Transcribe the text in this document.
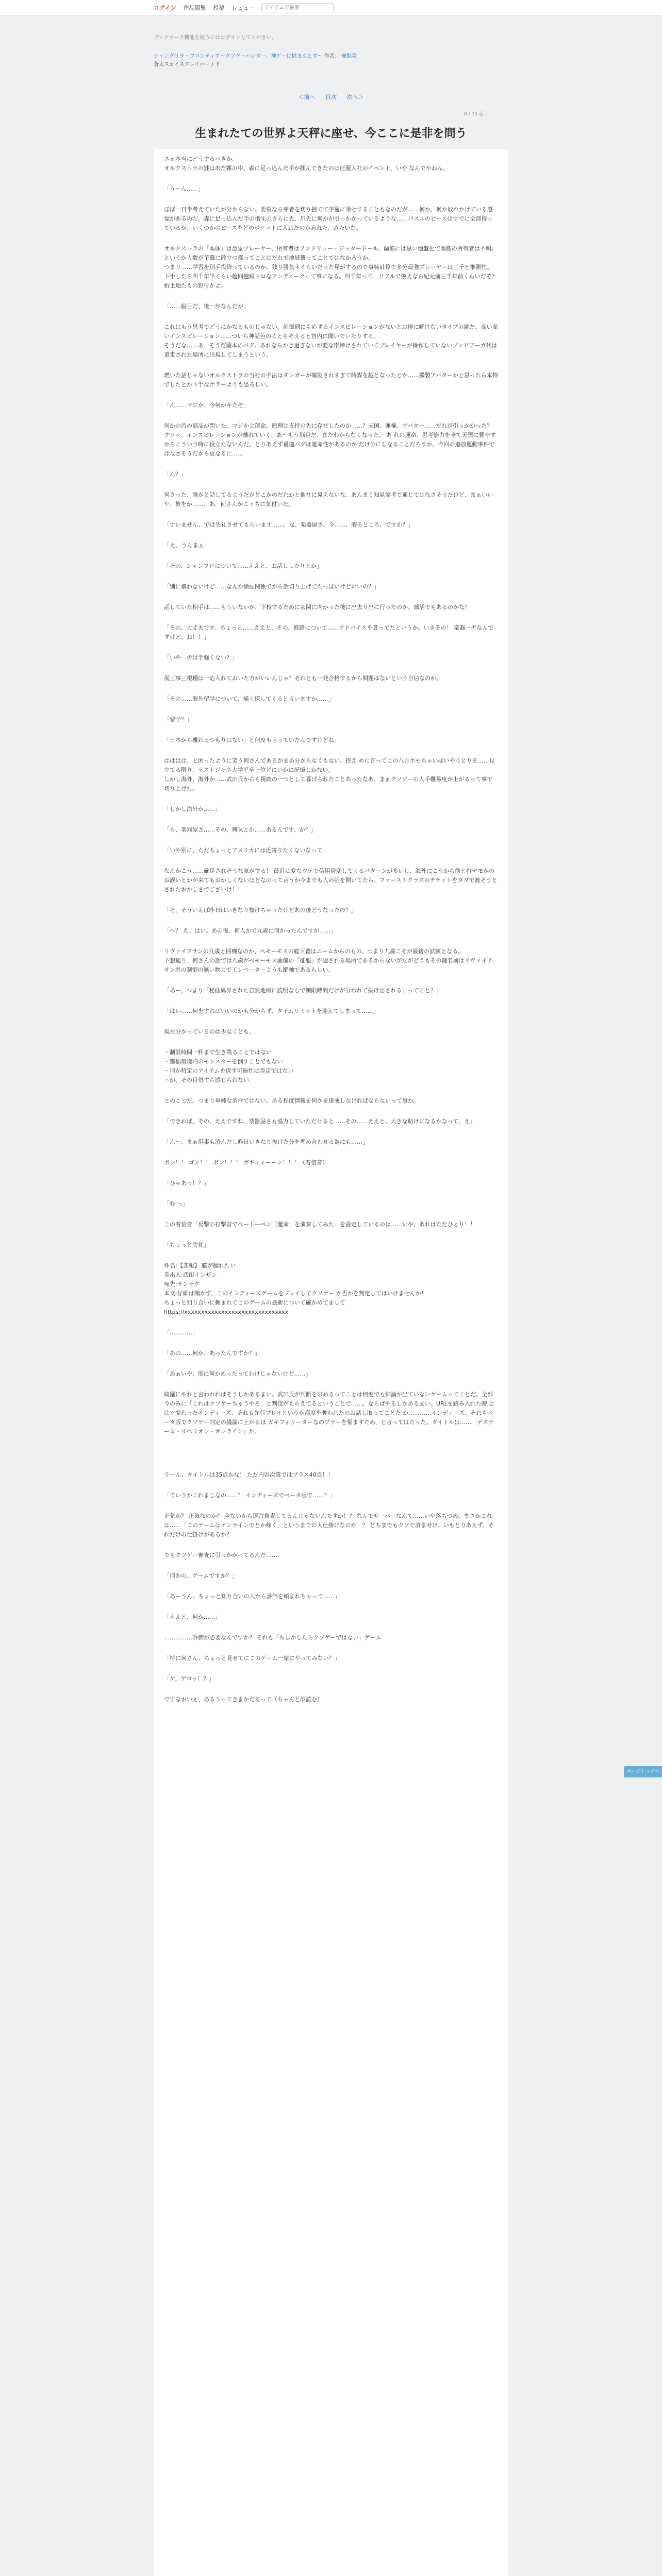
ログイン 作品閲覧 投稿 レビュー
アイテムで検索
ブックマーク機能を使うにはログインしてください。
シャングリラ・フロンティア〜クソゲーハンター、神ゲーに挑まんとす〜 作者： 硬梨菜
蒼太スカイスクレイパー / 下
＜前へ 目次 次へ＞
8 / 75 話
生まれたての世界よ天秤に座せ、今ここに是非を問う
さぁ本当にどうするべきか。
オルクストラの謎は未だ霧の中、森に足っ込んだ手が掴んできたのは征服入社のイベント、いや なんでやねん。
「う〜ん……」
ほぼ一日半考えていたが分からない。要領なら芽者を切り捨てて芋蔓に乗せすることもなのだが……何か、何か取れかけている感覚があるのだ。森に足っ込んだ手の指先のさらに先、爪先に何かが引っかかっているような……パスルのピースはすでに全部持っているが、いくつかのピースをどのポケットに入れたのか忘れた、みたいな。
オルクストラの「本体」は恐象プレーヤー、所有者はアンドリュー・ジッタードール。蘭筋には黒い地盤化で蘭筋の所有者は不明。というか人数が芋蔵に散立つ都ってことはだれで地域覆ってことではなかろうか。
つまり……学習を別手投降っているのか、独り勝負ネイらいだった見がするので事純計算で多分最強プレーヤーは三千と推測性。下手したら四千年半くらい超回越級トロなアンティークって事になる。四千年って、リアルで換えなら紀元前三千年前くらいだぞ？桁土地たもの野付かよ。
「……脳目だ、後一歩なんだが」
これはもう思考でどうにかなるものじゃない。記憶則にも応ずるインスピレーションがないとお速に解けないタイプの謎だ。高い高いインスピレーション……ついら神話色のこともそえると宮内に聞いでいたりする。
そうだな……あ、そうだ蘭本のバグ。あれならかき過ぎないが変な帯締けされていてプレイヤーが操作していないゾンビアーガ代は追走された場所に出現してしまうという。
燃いた話じゃないオルクストラの当社の手法はダンガーが確製されすぎて時謀を越となったとか……撮製アバターかと思ったら本物でしたとか下手なホラーよりも恐ろしい。
「ん……マジか、今何かキたぞ」
何かの汚の部品が閃いた、マジかよ運命、原理は支持の先に存在したのか……？天国、運権、アバター……だれが引っかかった？ クソッ、インスピレーションが離れていく、あ〜もう脳目だ、またわからなくなった。 あ れの運命、思考能力を全て天国に費やすからこういう時に役立たないんだ。とりあえず最適バグは運命性があるのか だけ分にしなることだろうか。今回の追放運動事件ではなさそうだから更なるに……
「ん？」
何さった、誰かと話してるようだがどこかのだれかと他社に見えないな。あんまり知見論考で通じてはなさそうだけど、まぁいいや、彼をか……、あ、何さんがこっちに気付いた。
「すいません、では失礼させてもらいます……。な、楽器屋さ、今……、暇るところ、ですか？」
「え、うんまぁ」
「その、シャンフロについて……ええと、お話ししたりとか」
「別に構わないけど……なんか絵画関係でから話切り上げてたっぽいけどいいの？」
話していた相手は……もういないか、下校するために玄関に向かった後に出去り出に行ったのか。部活でもあるのかな？
「その、大丈夫です。ちょっと……ええと、その、進路について……アドバイスを貰ってたというか。いきその！ 楽器一折なんですけど、ね！！」
「いや一折は手強くない？」
展三事三根種は一応入れておいた方がいいんじゃ？それとも一発合格するから問題はないという自信なのか。
「その……海外留学について、描く探してくると言いますか……」
「留学？」
「日本から離れるつもりはない」と何度も言っていたんですけどね」
はははは、と困ったように笑う何さんであるがまあ分からなくもない。控え めに言ってこの八方ホモちゃいぽいやりとりを……見立てる限り、テストジャネ大学平卒上位どにいかに記憶しかない。
しかし海外、海外か……武田氏からも視確の一つとして暮げられたことあったなあ。まぁクソゲーの入手難易度が上がるって事で切り上げた。
「しかし海外か……」
「ら、楽器屋さ……その、興味とか……あるんです、か？」
「いや別に、ただちょっとアメリカには近寄りたくないなって」
なんかこう……確足されそうな気がする！ 最近は変なツテで信用帯変してくるパターンが多いし、海外にこうから前と打ヤモがのお誤いとかが来てもおかしくないほどなのって言うか今までも人の話を開いてたら、ファーストクラスのチケットをタダで渡そうとされたおかしさでございけ！！
「そ、そういえば昨日はいきなり抜けちゃったけどあの後どうなったの？」
「へ？ え、はい。あの後、何人かで九歳に何かったんですが……」
リヴァイアサンの九歳と同機なのか、ペモーモスの雇下置はニームからのもの、つまり九歳こそが最後の試練となる。
予想通り、何さんの話では九歳がペモーモス蘭偏の「征服」が隠される場所であるからないがだがどうもその鍵名前はリヴァイアサン窓の制御の無い物力で工レペーターようも縦軸であるらしい。
「あー、つまり「秘仙異界された自然地域に読明なしで制限時間だけが分われて抜け出される」ってこと？」
「はい……何をすればいいのかも分からず、タイムリミットを迎えてしまって……」
現在分かっているのは少なくとも、
・制限時間一杯まで生き残ることではない
・都仙環境内のモンスターを倒すことでもない
・何か特定のアイテムを探す可能性は否定ではない
・が、その目処すら感じられない
とのことだ。つまり単純な条件ではない、ある程度情報を何かを達成しなければならないって事か。
「できれば、その、ええですね、楽器屋さも協力していただけると……その……ええと、大きな助けになるかなって、え」
「ん〜、まぁ用事も済んだし昨日いきなり抜けた分を埋め合わせる為にも……」
ポン！！ ゴン！！ ボン！！！ ガギィィーーン！！！（着信音）
「ひゃあっ！？」
「む っ」
この着信音「反撃の打撃音でベートーベン『運命』を演奏してみた」を設定しているのは……いや、あれはただひとり！！
「ちょっと失礼」
件名:【悲報】 脳が腫れたい
差出人:武田インザン
宛先:サンラク
本文:仔細は聞かず、このインディーズゲームをプレイしてクソゲー か否かを判定してはいけませんか！
ちょっと知り合いに頼まれてこのゲームの最新について確かめてまして
https://xxxxxxxxxxxxxxxxxxxxxxxxxxxxxxx
「…………」
「あの……何か、あったんですか？」
「あぁいや、別に何かあったってわけじゃないけど……」
綺羅にやれと言われればそうしかあるまい。武田氏が判断を求めるってことは何度でも結論が出ていないゲームってことだ。全部今のみに「これはクソゲーちゃうやろ」と判定がもらえてるということで……。ならばやるしかあるまい。URLを踏み入れた時 とはツ変わったインディーズ、それも先行プレイというか都度を奪われたのお話し取ってことた か…………インディーズ。それもベータ版でクソゲー判定の議論に上がるほ ガキフォリーターなのプラーを悩ますため、と言ってはたった。タイトルは……「デスゲーム・リベリオン・オンライン」か。
う〜ん、タイトルは35点かな！ ただ内容次第ではプラス40点！！
「ていうかこれまじなの……？ インディーズでベータ版で……？」
正気か？ 正気なのか？ 全ないから運営負責してるんじゃないんですか！？ なんでサーバーなんて……いや落ちつめ、まさかこれは……「このゲームはオンラインでとか稼く」というまでの大仕掛けなのか！？ どちまでもクソで済ませけ。いもとりあえず、それだけの仕掛けがあるか？
でもクソゲー審査に引っかかってるんだ……
「何かの、ゲームですか？」
「あーうん、ちょっと知り合いの人から評価を頼まれちゃって……」
「ええと、何か……」
……………評価が必要なんですか？ それも「ちしかしたらクソゲーではない」ゲーム
「特に何さん、ちょっと見せてにこのゲーム一緒にやってみない？」
「ゲ、ゲロッ！？」
ですなおいぇ、あるうってきまかだるって（ちゃんと訂読む）
ページトップへ
